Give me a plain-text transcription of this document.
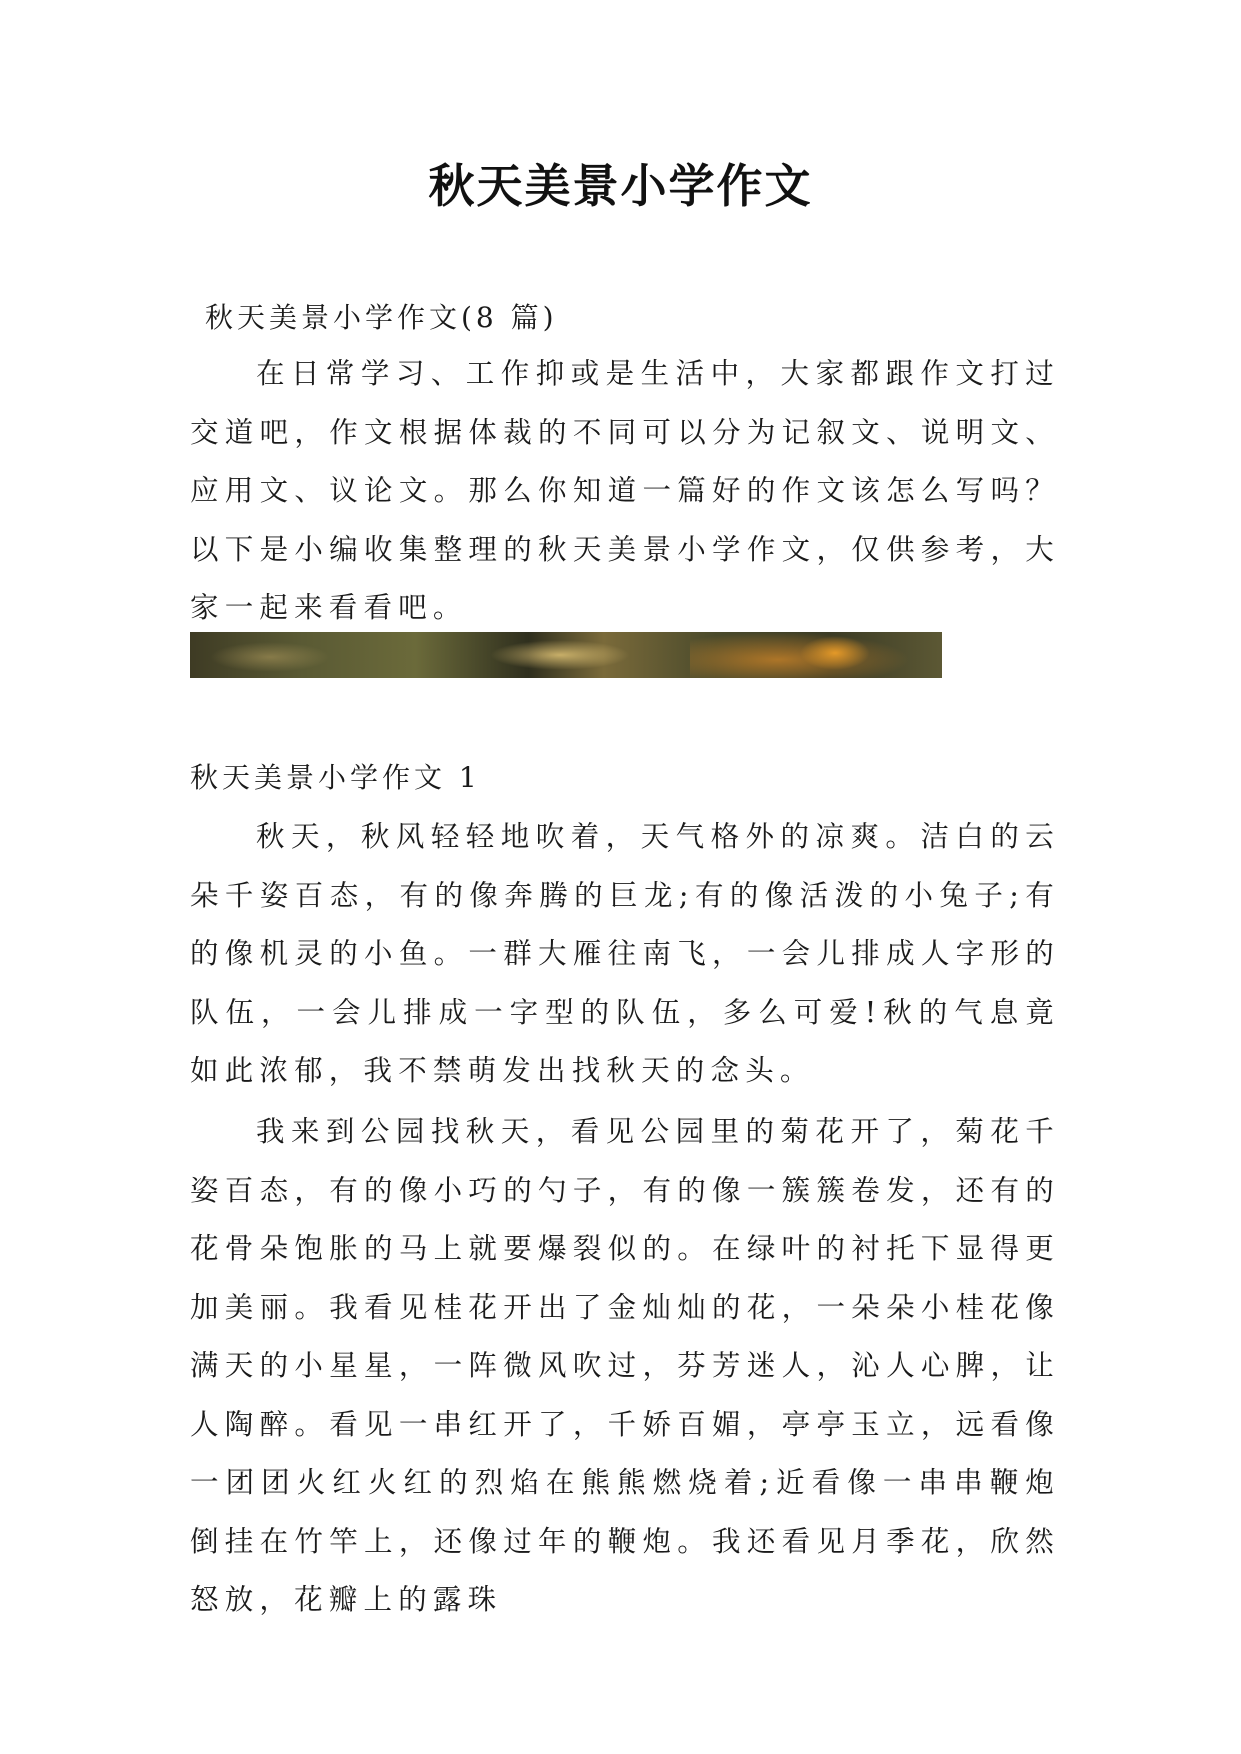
秋天美景小学作文

秋天美景小学作文(8 篇)

在日常学习、工作抑或是生活中，大家都跟作文打过交道吧，作文根据体裁的不同可以分为记叙文、说明文、应用文、议论文。那么你知道一篇好的作文该怎么写吗？以下是小编收集整理的秋天美景小学作文，仅供参考，大家一起来看看吧。

秋天美景小学作文 1

秋天，秋风轻轻地吹着，天气格外的凉爽。洁白的云朵千姿百态，有的像奔腾的巨龙;有的像活泼的小兔子;有的像机灵的小鱼。一群大雁往南飞，一会儿排成人字形的队伍，一会儿排成一字型的队伍，多么可爱!秋的气息竟如此浓郁，我不禁萌发出找秋天的念头。

我来到公园找秋天，看见公园里的菊花开了，菊花千姿百态，有的像小巧的勺子，有的像一簇簇卷发，还有的花骨朵饱胀的马上就要爆裂似的。在绿叶的衬托下显得更加美丽。我看见桂花开出了金灿灿的花，一朵朵小桂花像满天的小星星，一阵微风吹过，芬芳迷人，沁人心脾，让人陶醉。看见一串红开了，千娇百媚，亭亭玉立，远看像一团团火红火红的烈焰在熊熊燃烧着;近看像一串串鞭炮倒挂在竹竿上，还像过年的鞭炮。我还看见月季花，欣然怒放，花瓣上的露珠
